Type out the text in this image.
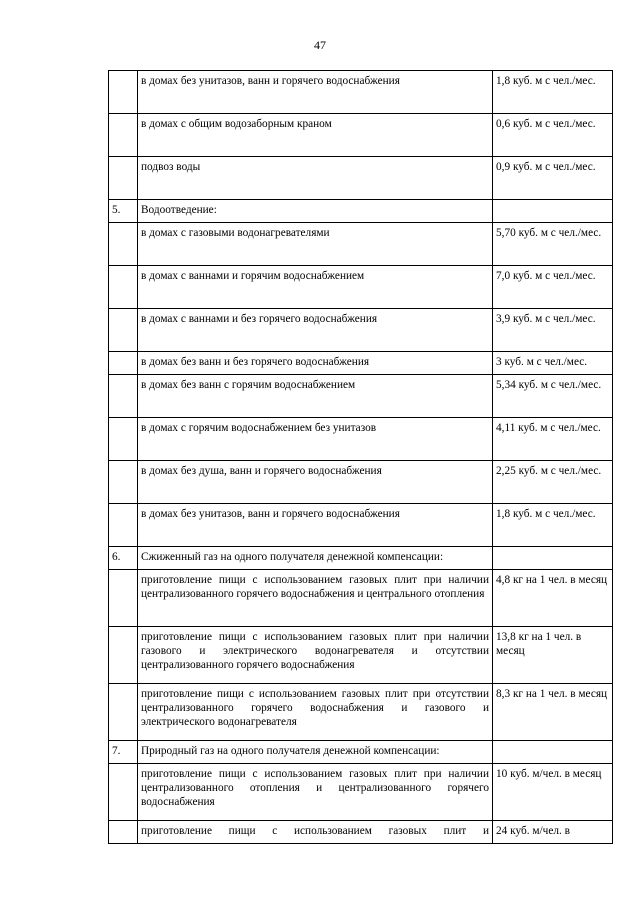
47
	в домах без унитазов, ванн и горячего водоснабжения	1,8 куб. м с чел./мес.
	в домах с общим водозаборным краном	0,6 куб. м с чел./мес.
	подвоз воды	0,9 куб. м с чел./мес.
5.	Водоотведение:	
	в домах с газовыми водонагревателями	5,70 куб. м с чел./мес.
	в домах с ваннами и горячим водоснабжением	7,0 куб. м с чел./мес.
	в домах с ваннами и без горячего водоснабжения	3,9 куб. м с чел./мес.
	в домах без ванн и без горячего водоснабжения	3 куб. м с чел./мес.
	в домах без ванн с горячим водоснабжением	5,34 куб. м с чел./мес.
	в домах с горячим водоснабжением без унитазов	4,11 куб. м с чел./мес.
	в домах без душа, ванн и горячего водоснабжения	2,25 куб. м с чел./мес.
	в домах без унитазов, ванн и горячего водоснабжения	1,8 куб. м с чел./мес.
6.	Сжиженный газ на одного получателя денежной компенсации:	
	приготовление пищи с использованием газовых плит при наличии централизованного горячего водоснабжения и центрального отопления	4,8 кг на 1 чел. в месяц
	приготовление пищи с использованием газовых плит при наличии газового и электрического водонагревателя и отсутствии централизованного горячего водоснабжения	13,8 кг на 1 чел. в месяц
	приготовление пищи с использованием газовых плит при отсутствии централизованного горячего водоснабжения и газового и электрического водонагревателя	8,3 кг на 1 чел. в месяц
7.	Природный газ на одного получателя денежной компенсации:	
	приготовление пищи с использованием газовых плит при наличии централизованного отопления и централизованного горячего водоснабжения	10 куб. м/чел. в месяц
	приготовление пищи с использованием газовых плит и	24 куб. м/чел. в
